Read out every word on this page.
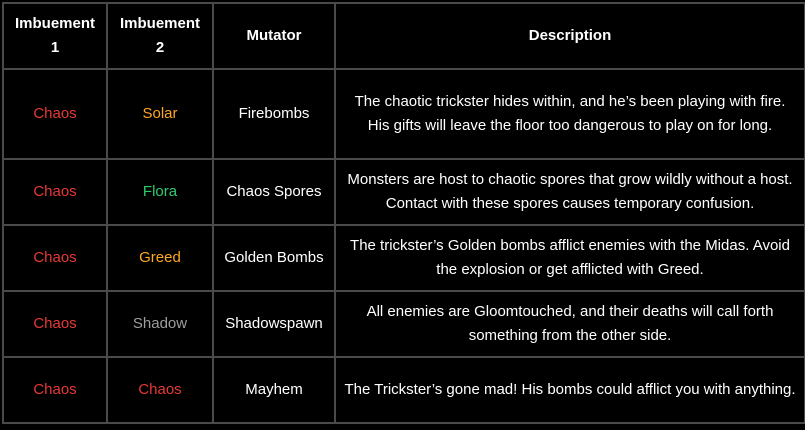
Imbuement 1	Imbuement 2	Mutator	Description
Chaos	Solar	Firebombs	The chaotic trickster hides within, and he’s been playing with fire. His gifts will leave the floor too dangerous to play on for long.
Chaos	Flora	Chaos Spores	Monsters are host to chaotic spores that grow wildly without a host. Contact with these spores causes temporary confusion.
Chaos	Greed	Golden Bombs	The trickster’s Golden bombs afflict enemies with the Midas. Avoid the explosion or get afflicted with Greed.
Chaos	Shadow	Shadowspawn	All enemies are Gloomtouched, and their deaths will call forth something from the other side.
Chaos	Chaos	Mayhem	The Trickster’s gone mad! His bombs could afflict you with anything.
